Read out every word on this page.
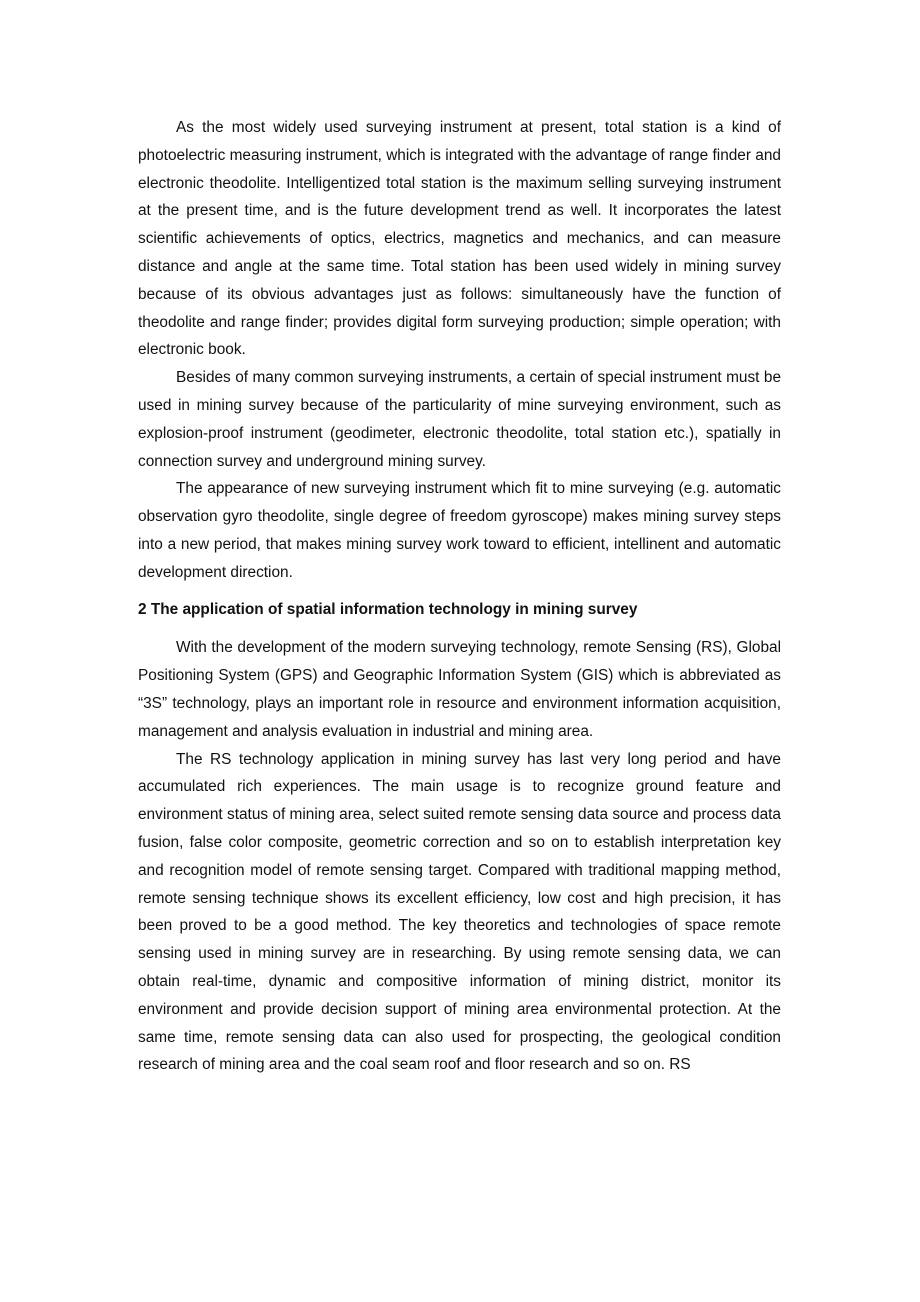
As the most widely used surveying instrument at present, total station is a kind of photoelectric measuring instrument, which is integrated with the advantage of range finder and electronic theodolite. Intelligentized total station is the maximum selling surveying instrument at the present time, and is the future development trend as well. It incorporates the latest scientific achievements of optics, electrics, magnetics and mechanics, and can measure distance and angle at the same time. Total station has been used widely in mining survey because of its obvious advantages just as follows: simultaneously have the function of theodolite and range finder; provides digital form surveying production; simple operation; with electronic book.

Besides of many common surveying instruments, a certain of special instrument must be used in mining survey because of the particularity of mine surveying environment, such as explosion-proof instrument (geodimeter, electronic theodolite, total station etc.), spatially in connection survey and underground mining survey.

The appearance of new surveying instrument which fit to mine surveying (e.g. automatic observation gyro theodolite, single degree of freedom gyroscope) makes mining survey steps into a new period, that makes mining survey work toward to efficient, intellinent and automatic development direction.

2 The application of spatial information technology in mining survey

With the development of the modern surveying technology, remote Sensing (RS), Global Positioning System (GPS) and Geographic Information System (GIS) which is abbreviated as “3S” technology, plays an important role in resource and environment information acquisition, management and analysis evaluation in industrial and mining area.

The RS technology application in mining survey has last very long period and have accumulated rich experiences. The main usage is to recognize ground feature and environment status of mining area, select suited remote sensing data source and process data fusion, false color composite, geometric correction and so on to establish interpretation key and recognition model of remote sensing target. Compared with traditional mapping method, remote sensing technique shows its excellent efficiency, low cost and high precision, it has been proved to be a good method. The key theoretics and technologies of space remote sensing used in mining survey are in researching. By using remote sensing data, we can obtain real-time, dynamic and compositive information of mining district, monitor its environment and provide decision support of mining area environmental protection. At the same time, remote sensing data can also used for prospecting, the geological condition research of mining area and the coal seam roof and floor research and so on. RS
